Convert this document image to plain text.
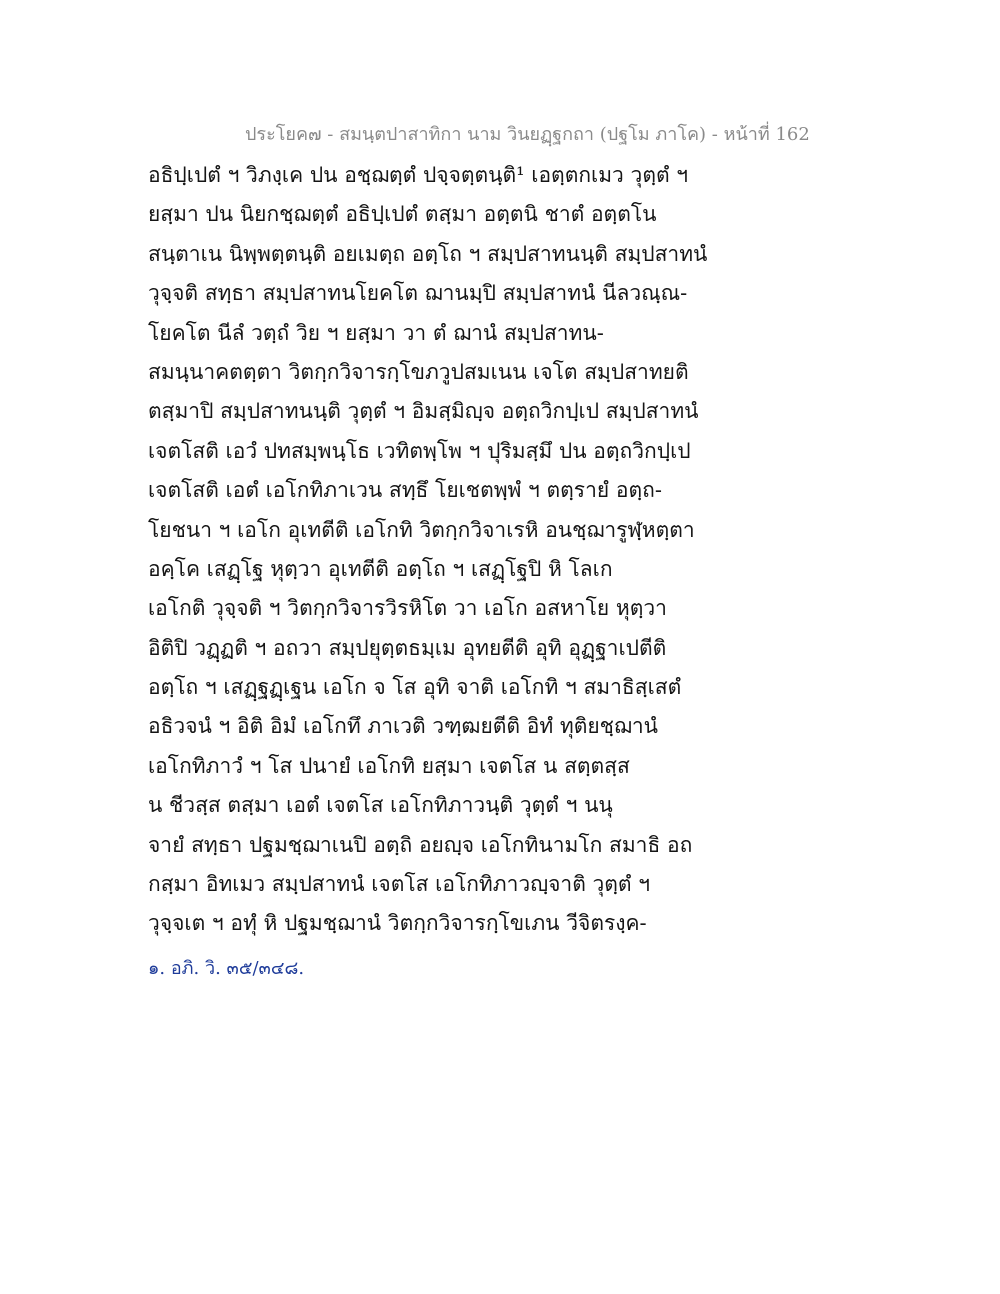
ประโยค๗ - สมนฺตปาสาทิกา นาม วินยฏฺฐกถา (ปฐโม ภาโค) - หน้าที่ 162
อธิปฺเปตํ ฯ วิภงฺเค ปน อชฺฌตฺตํ ปจฺจตฺตนฺติ¹ เอตฺตกเมว วุตฺตํ ฯ
ยสฺมา ปน นิยกชฺฌตฺตํ อธิปฺเปตํ ตสฺมา อตฺตนิ ชาตํ อตฺตโน
สนฺตาเน นิพฺพตฺตนฺติ อยเมตฺถ อตฺโถ ฯ สมฺปสาทนนฺติ สมฺปสาทนํ
วุจฺจติ สทฺธา สมฺปสาทนโยคโต ฌานมฺปิ สมฺปสาทนํ นีลวณฺณ-
โยคโต นีลํ วตฺถํ วิย ฯ ยสฺมา วา ตํ ฌานํ สมฺปสาทน-
สมนฺนาคตตฺตา วิตกฺกวิจารกฺโขภวูปสมเนน เจโต สมฺปสาทยติ
ตสฺมาปิ สมฺปสาทนนฺติ วุตฺตํ ฯ อิมสฺมิญฺจ อตฺถวิกปฺเป สมฺปสาทนํ
เจตโสติ เอวํ ปทสมฺพนฺโธ เวทิตพฺโพ ฯ ปุริมสฺมึ ปน อตฺถวิกปฺเป
เจตโสติ เอตํ เอโกทิภาเวน สทฺธึ โยเชตพฺพํ ฯ ตตฺรายํ อตฺถ-
โยชนา ฯ เอโก อุเทตีติ เอโกทิ วิตกฺกวิจาเรหิ อนชฺฌารูฬฺหตฺตา
อคฺโค เสฏฺโฐ หุตฺวา อุเทตีติ อตฺโถ ฯ เสฏฺโฐปิ หิ โลเก
เอโกติ วุจฺจติ ฯ วิตกฺกวิจารวิรหิโต วา เอโก อสหาโย หุตฺวา
อิติปิ วฏฺฏติ ฯ อถวา สมฺปยุตฺตธมฺเม อุทยตีติ อุทิ อุฏฺฐาเปตีติ
อตฺโถ ฯ เสฏฺฐฏฺเฐน เอโก จ โส อุทิ จาติ เอโกทิ ฯ สมาธิสฺเสตํ
อธิวจนํ ฯ อิติ อิมํ เอโกทึ ภาเวติ วฑฺฒยตีติ อิทํ ทุติยชฺฌานํ
เอโกทิภาวํ ฯ โส ปนายํ เอโกทิ ยสฺมา เจตโส น สตฺตสฺส
น ชีวสฺส ตสฺมา เอตํ เจตโส เอโกทิภาวนฺติ วุตฺตํ ฯ นนุ
จายํ สทฺธา ปฐมชฺฌาเนปิ อตฺถิ อยญฺจ เอโกทินามโก สมาธิ อถ
กสฺมา อิทเมว สมฺปสาทนํ เจตโส เอโกทิภาวญฺจาติ วุตฺตํ ฯ
วุจฺจเต ฯ อทุํ หิ ปฐมชฺฌานํ วิตกฺกวิจารกฺโขเภน วีจิตรงฺค-
๑. อภิ. วิ. ๓๕/๓๔๘.
